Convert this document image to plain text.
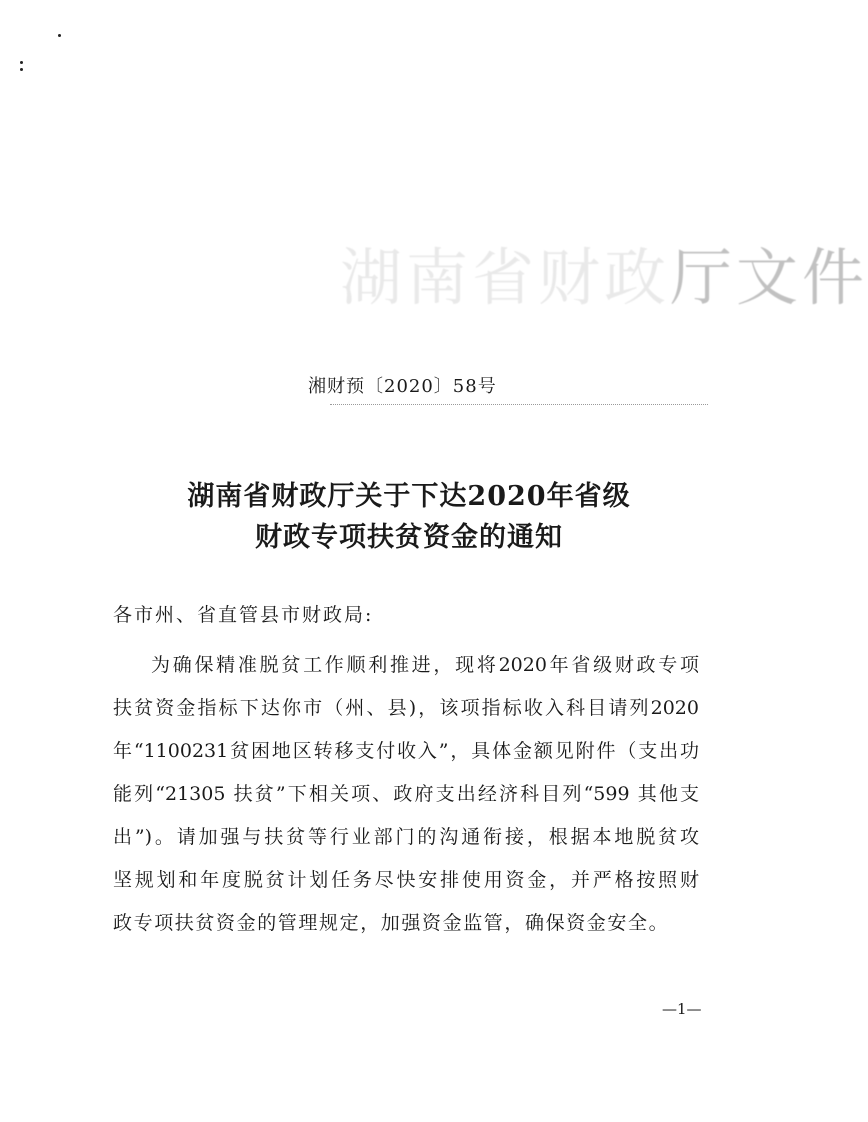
湖南省财政厅文件
湘财预〔2020〕58号
湖南省财政厅关于下达2020年省级
财政专项扶贫资金的通知
各市州、省直管县市财政局:
为确保精准脱贫工作顺利推进，现将2020年省级财政专项
扶贫资金指标下达你市（州、县)，该项指标收入科目请列2020
年“1100231贫困地区转移支付收入”，具体金额见附件（支出功
能列“21305 扶贫”下相关项、政府支出经济科目列“599 其他支
出”)。请加强与扶贫等行业部门的沟通衔接，根据本地脱贫攻
坚规划和年度脱贫计划任务尽快安排使用资金，并严格按照财
政专项扶贫资金的管理规定，加强资金监管，确保资金安全。
—1—
